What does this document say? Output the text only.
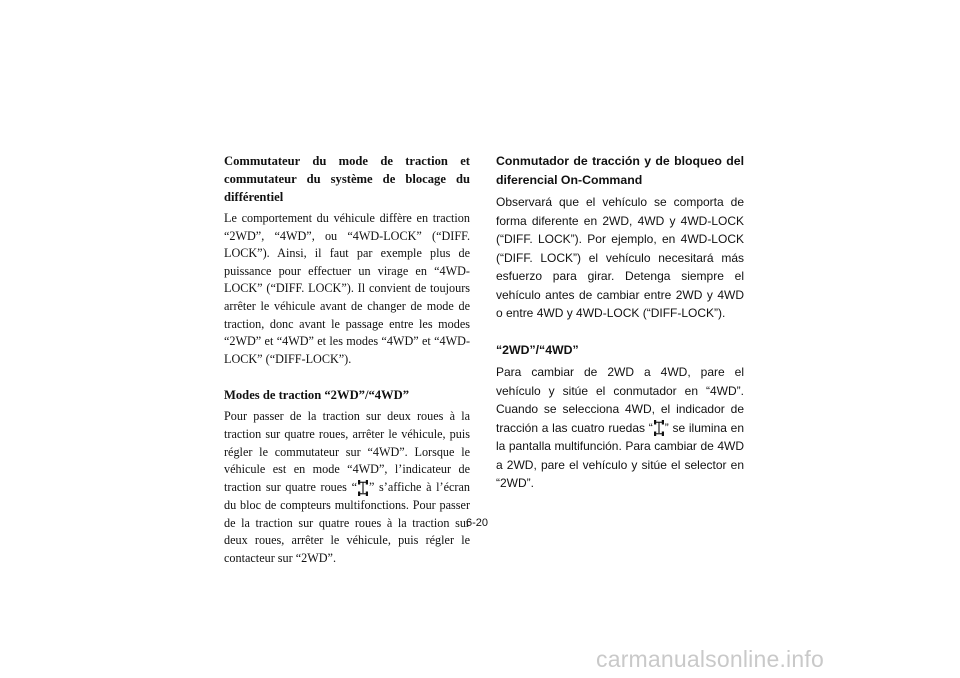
Commutateur du mode de traction et commutateur du système de blocage du différentiel

Le comportement du véhicule diffère en traction “2WD”, “4WD”, ou “4WD-LOCK” (“DIFF. LOCK”). Ainsi, il faut par exemple plus de puissance pour effectuer un virage en “4WD-LOCK” (“DIFF. LOCK”). Il convient de toujours arrêter le véhicule avant de changer de mode de traction, donc avant le passage entre les modes “2WD” et “4WD” et les modes “4WD” et “4WD-LOCK” (“DIFF-LOCK”).

Modes de traction “2WD”/“4WD”

Pour passer de la traction sur deux roues à la traction sur quatre roues, arrêter le véhicule, puis régler le commutateur sur “4WD”. Lorsque le véhicule est en mode “4WD”, l’indicateur de traction sur quatre roues “ ” s’affiche à l’écran du bloc de compteurs multifonctions. Pour passer de la traction sur quatre roues à la traction sur deux roues, arrêter le véhicule, puis régler le contacteur sur “2WD”.

Conmutador de tracción y de bloqueo del diferencial On-Command

Observará que el vehículo se comporta de forma diferente en 2WD, 4WD y 4WD-LOCK (“DIFF. LOCK”). Por ejemplo, en 4WD-LOCK (“DIFF. LOCK”) el vehículo necesitará más esfuerzo para girar. Detenga siempre el vehículo antes de cambiar entre 2WD y 4WD o entre 4WD y 4WD-LOCK (“DIFF-LOCK”).

“2WD”/“4WD”

Para cambiar de 2WD a 4WD, pare el vehículo y sitúe el conmutador en “4WD”. Cuando se selecciona 4WD, el indicador de tracción a las cuatro ruedas “ ” se ilumina en la pantalla multifunción. Para cambiar de 4WD a 2WD, pare el vehículo y sitúe el selector en “2WD”.

6-20
carmanualsonline.info
